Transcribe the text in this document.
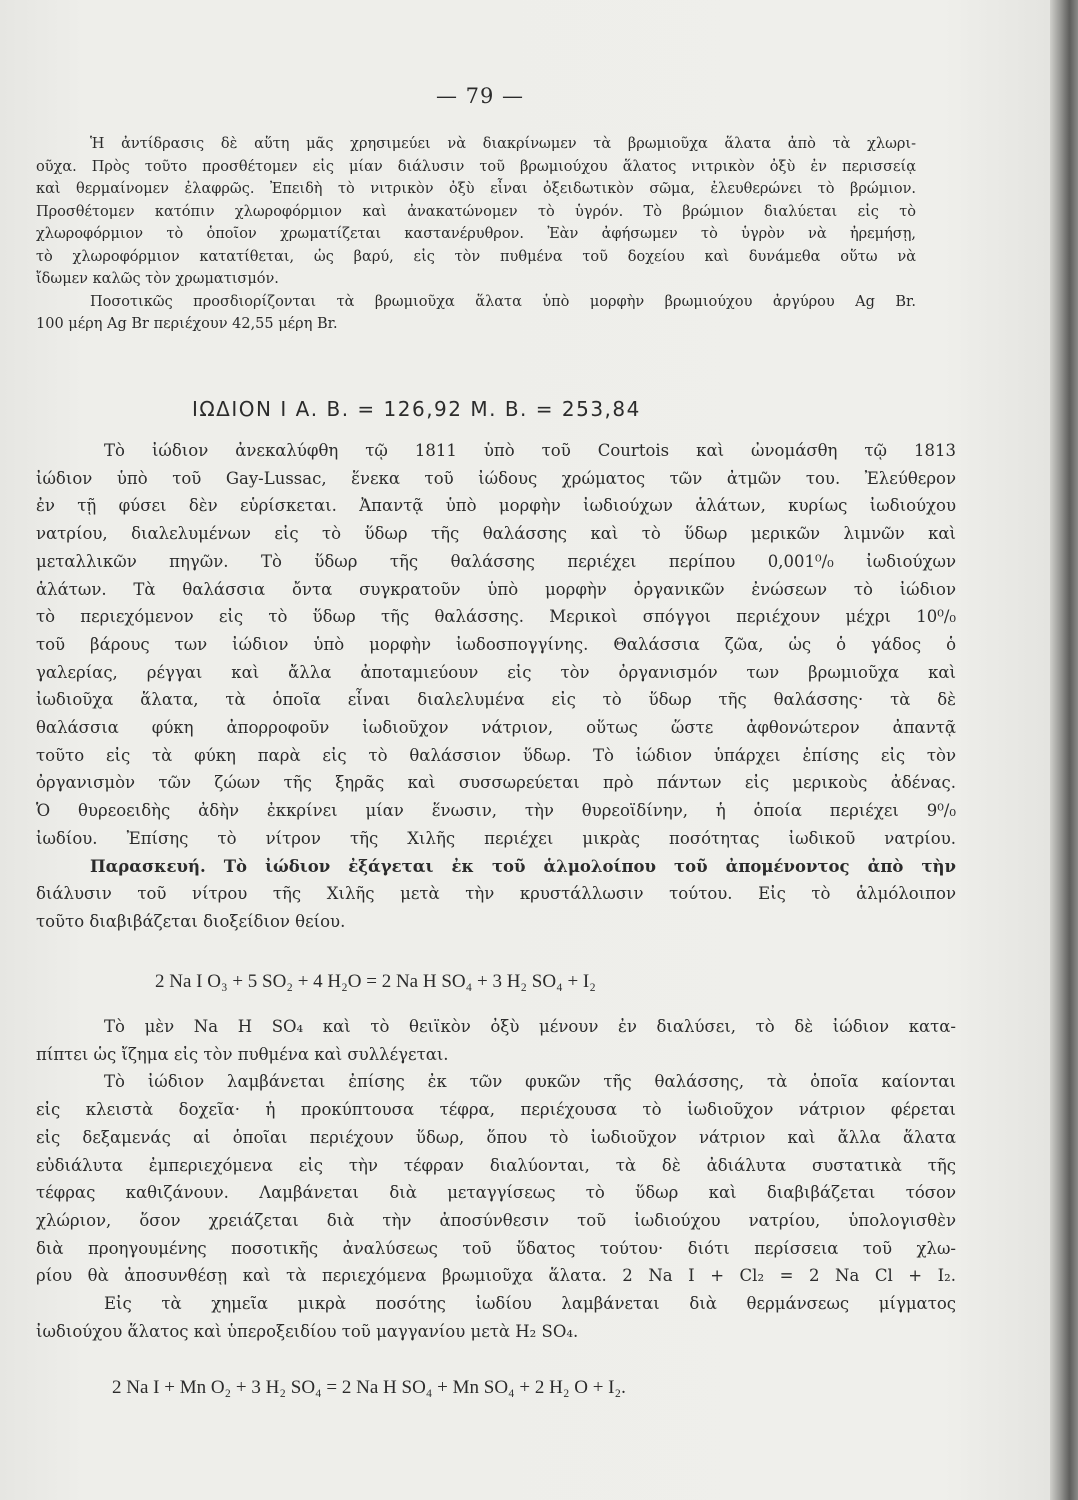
— 79 —
Ἡ ἀντίδρασις δὲ αὕτη μᾶς χρησιμεύει νὰ διακρίνωμεν τὰ βρωμιοῦχα ἅλατα ἀπὸ τὰ χλωρι-
οῦχα. Πρὸς τοῦτο προσθέτομεν εἰς μίαν διάλυσιν τοῦ βρωμιούχου ἅλατος νιτρικὸν ὀξὺ ἐν περισσείᾳ
καὶ θερμαίνομεν ἐλαφρῶς. Ἐπειδὴ τὸ νιτρικὸν ὀξὺ εἶναι ὀξειδωτικὸν σῶμα, ἐλευθερώνει τὸ βρώμιον.
Προσθέτομεν κατόπιν χλωροφόρμιον καὶ ἀνακατώνομεν τὸ ὑγρόν. Τὸ βρώμιον διαλύεται εἰς τὸ
χλωροφόρμιον τὸ ὁποῖον χρωματίζεται καστανέρυθρον. Ἐὰν ἀφήσωμεν τὸ ὑγρὸν νὰ ἠρεμήσῃ,
τὸ χλωροφόρμιον κατατίθεται, ὡς βαρύ, εἰς τὸν πυθμένα τοῦ δοχείου καὶ δυνάμεθα οὕτω νὰ
ἴδωμεν καλῶς τὸν χρωματισμόν.
Ποσοτικῶς προσδιορίζονται τὰ βρωμιοῦχα ἅλατα ὑπὸ μορφὴν βρωμιούχου ἀργύρου Ag Br.
100 μέρη Ag Br περιέχουν 42,55 μέρη Br.
ΙΩΔΙΟΝ Ι Α. Β. = 126,92 Μ. Β. = 253,84
Τὸ ἰώδιον ἀνεκαλύφθη τῷ 1811 ὑπὸ τοῦ Courtois καὶ ὠνομάσθη τῷ 1813
ἰώδιον ὑπὸ τοῦ Gay-Lussac, ἕνεκα τοῦ ἰώδους χρώματος τῶν ἀτμῶν του. Ἐλεύθερον
ἐν τῇ φύσει δὲν εὑρίσκεται. Ἀπαντᾷ ὑπὸ μορφὴν ἰωδιούχων ἁλάτων, κυρίως ἰωδιούχου
νατρίου, διαλελυμένων εἰς τὸ ὕδωρ τῆς θαλάσσης καὶ τὸ ὕδωρ μερικῶν λιμνῶν καὶ
μεταλλικῶν πηγῶν. Τὸ ὕδωρ τῆς θαλάσσης περιέχει περίπου 0,001⁰/₀ ἰωδιούχων
ἁλάτων. Τὰ θαλάσσια ὄντα συγκρατοῦν ὑπὸ μορφὴν ὀργανικῶν ἐνώσεων τὸ ἰώδιον
τὸ περιεχόμενον εἰς τὸ ὕδωρ τῆς θαλάσσης. Μερικοὶ σπόγγοι περιέχουν μέχρι 10⁰/₀
τοῦ βάρους των ἰώδιον ὑπὸ μορφὴν ἰωδοσπογγίνης. Θαλάσσια ζῶα, ὡς ὁ γάδος ὁ
γαλερίας, ρέγγαι καὶ ἄλλα ἀποταμιεύουν εἰς τὸν ὀργανισμόν των βρωμιοῦχα καὶ
ἰωδιοῦχα ἅλατα, τὰ ὁποῖα εἶναι διαλελυμένα εἰς τὸ ὕδωρ τῆς θαλάσσης· τὰ δὲ
θαλάσσια φύκη ἀπορροφοῦν ἰωδιοῦχον νάτριον, οὕτως ὥστε ἀφθονώτερον ἀπαντᾷ
τοῦτο εἰς τὰ φύκη παρὰ εἰς τὸ θαλάσσιον ὕδωρ. Τὸ ἰώδιον ὑπάρχει ἐπίσης εἰς τὸν
ὀργανισμὸν τῶν ζώων τῆς ξηρᾶς καὶ συσσωρεύεται πρὸ πάντων εἰς μερικοὺς ἀδένας.
Ὁ θυρεοειδὴς ἀδὴν ἐκκρίνει μίαν ἕνωσιν, τὴν θυρεοϊδίνην, ἡ ὁποία περιέχει 9⁰/₀
ἰωδίου. Ἐπίσης τὸ νίτρον τῆς Χιλῆς περιέχει μικρὰς ποσότητας ἰωδικοῦ νατρίου.
Παρασκευή. Τὸ ἰώδιον ἐξάγεται ἐκ τοῦ ἁλμολοίπου τοῦ ἀπομένοντος ἀπὸ τὴν
διάλυσιν τοῦ νίτρου τῆς Χιλῆς μετὰ τὴν κρυστάλλωσιν τούτου. Εἰς τὸ ἁλμόλοιπον
τοῦτο διαβιβάζεται διοξείδιον θείου.
2 Na I O₃ + 5 SO₂ + 4 H₂O = 2 Na H SO₄ + 3 H₂ SO₄ + I₂
Τὸ μὲν Na H SO₄ καὶ τὸ θειϊκὸν ὀξὺ μένουν ἐν διαλύσει, τὸ δὲ ἰώδιον κατα-
πίπτει ὡς ἴζημα εἰς τὸν πυθμένα καὶ συλλέγεται.
Τὸ ἰώδιον λαμβάνεται ἐπίσης ἐκ τῶν φυκῶν τῆς θαλάσσης, τὰ ὁποῖα καίονται
εἰς κλειστὰ δοχεῖα· ἡ προκύπτουσα τέφρα, περιέχουσα τὸ ἰωδιοῦχον νάτριον φέρεται
εἰς δεξαμενάς αἱ ὁποῖαι περιέχουν ὕδωρ, ὅπου τὸ ἰωδιοῦχον νάτριον καὶ ἄλλα ἅλατα
εὐδιάλυτα ἐμπεριεχόμενα εἰς τὴν τέφραν διαλύονται, τὰ δὲ ἀδιάλυτα συστατικὰ τῆς
τέφρας καθιζάνουν. Λαμβάνεται διὰ μεταγγίσεως τὸ ὕδωρ καὶ διαβιβάζεται τόσον
χλώριον, ὅσον χρειάζεται διὰ τὴν ἀποσύνθεσιν τοῦ ἰωδιούχου νατρίου, ὑπολογισθὲν
διὰ προηγουμένης ποσοτικῆς ἀναλύσεως τοῦ ὕδατος τούτου· διότι περίσσεια τοῦ χλω-
ρίου θὰ ἀποσυνθέσῃ καὶ τὰ περιεχόμενα βρωμιοῦχα ἅλατα. 2 Na I + Cl₂ = 2 Na Cl + I₂.
Εἰς τὰ χημεῖα μικρὰ ποσότης ἰωδίου λαμβάνεται διὰ θερμάνσεως μίγματος
ἰωδιούχου ἅλατος καὶ ὑπεροξειδίου τοῦ μαγγανίου μετὰ H₂ SO₄.
2 Na I + Mn O₂ + 3 H₂ SO₄ = 2 Na H SO₄ + Mn SO₄ + 2 H₂ O + I₂.
